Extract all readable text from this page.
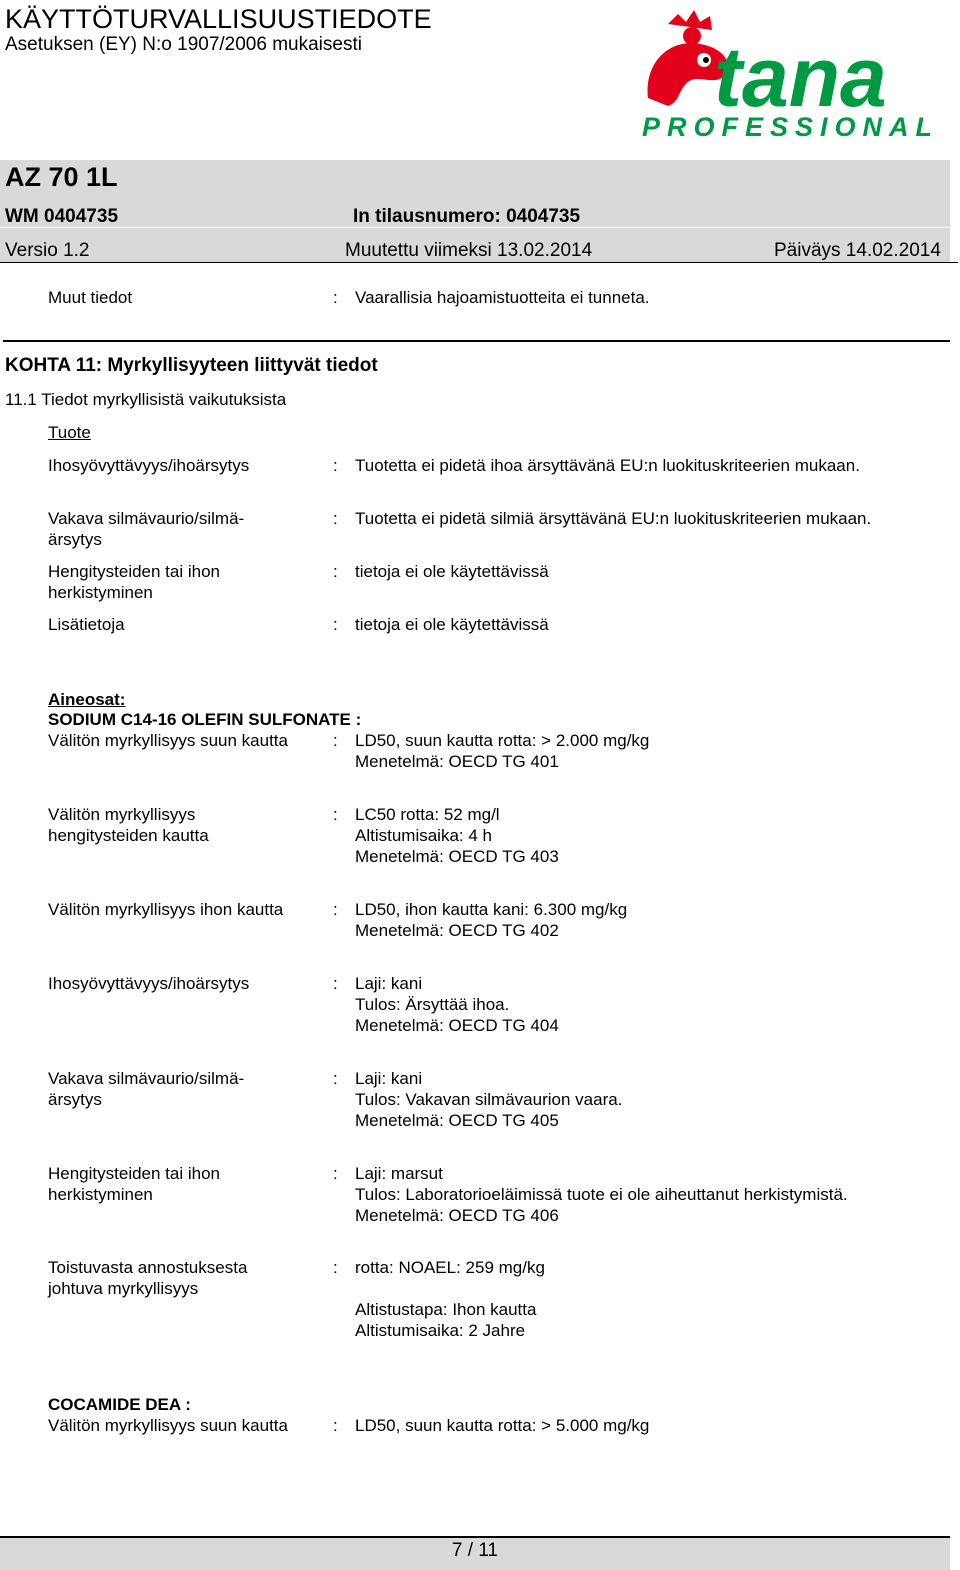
KÄYTTÖTURVALLISUUSTIEDOTE
Asetuksen (EY) N:o 1907/2006 mukaisesti	tana
PROFESSIONAL
AZ 70 1L
WM 0404735	In tilausnumero: 0404735
Versio 1.2	Muutettu viimeksi 13.02.2014	Päiväys 14.02.2014
Muut tiedot	: Vaarallisia hajoamistuotteita ei tunneta.
KOHTA 11: Myrkyllisyyteen liittyvät tiedot
11.1 Tiedot myrkyllisistä vaikutuksista
Tuote
Ihosyövyttävyys/ihoärsytys	: Tuotetta ei pidetä ihoa ärsyttävänä EU:n luokituskriteerien mukaan.
Vakava silmävaurio/silmä-
ärsytys
: Tuotetta ei pidetä silmiä ärsyttävänä EU:n luokituskriteerien mukaan.
Hengitysteiden tai ihon
herkistyminen
: tietoja ei ole käytettävissä
Lisätietoja	: tietoja ei ole käytettävissä
Aineosat:
SODIUM C14-16 OLEFIN SULFONATE :
Välitön myrkyllisyys suun kautta	: LD50, suun kautta rotta: > 2.000 mg/kg
Menetelmä: OECD TG 401
Välitön myrkyllisyys
hengitysteiden kautta
: LC50 rotta: 52 mg/l
Altistumisaika: 4 h
Menetelmä: OECD TG 403
Välitön myrkyllisyys ihon kautta	: LD50, ihon kautta kani: 6.300 mg/kg
Menetelmä: OECD TG 402
Ihosyövyttävyys/ihoärsytys	: Laji: kani
Tulos: Ärsyttää ihoa.
Menetelmä: OECD TG 404
Vakava silmävaurio/silmä-
ärsytys
: Laji: kani
Tulos: Vakavan silmävaurion vaara.
Menetelmä: OECD TG 405
Hengitysteiden tai ihon
herkistyminen
: Laji: marsut
Tulos: Laboratorioeläimissä tuote ei ole aiheuttanut herkistymistä.
Menetelmä: OECD TG 406
Toistuvasta annostuksesta
johtuva myrkyllisyys
: rotta: NOAEL: 259 mg/kg
Altistustapa: Ihon kautta
Altistumisaika: 2 Jahre
COCAMIDE DEA :
Välitön myrkyllisyys suun kautta	: LD50, suun kautta rotta: > 5.000 mg/kg
7 / 11
